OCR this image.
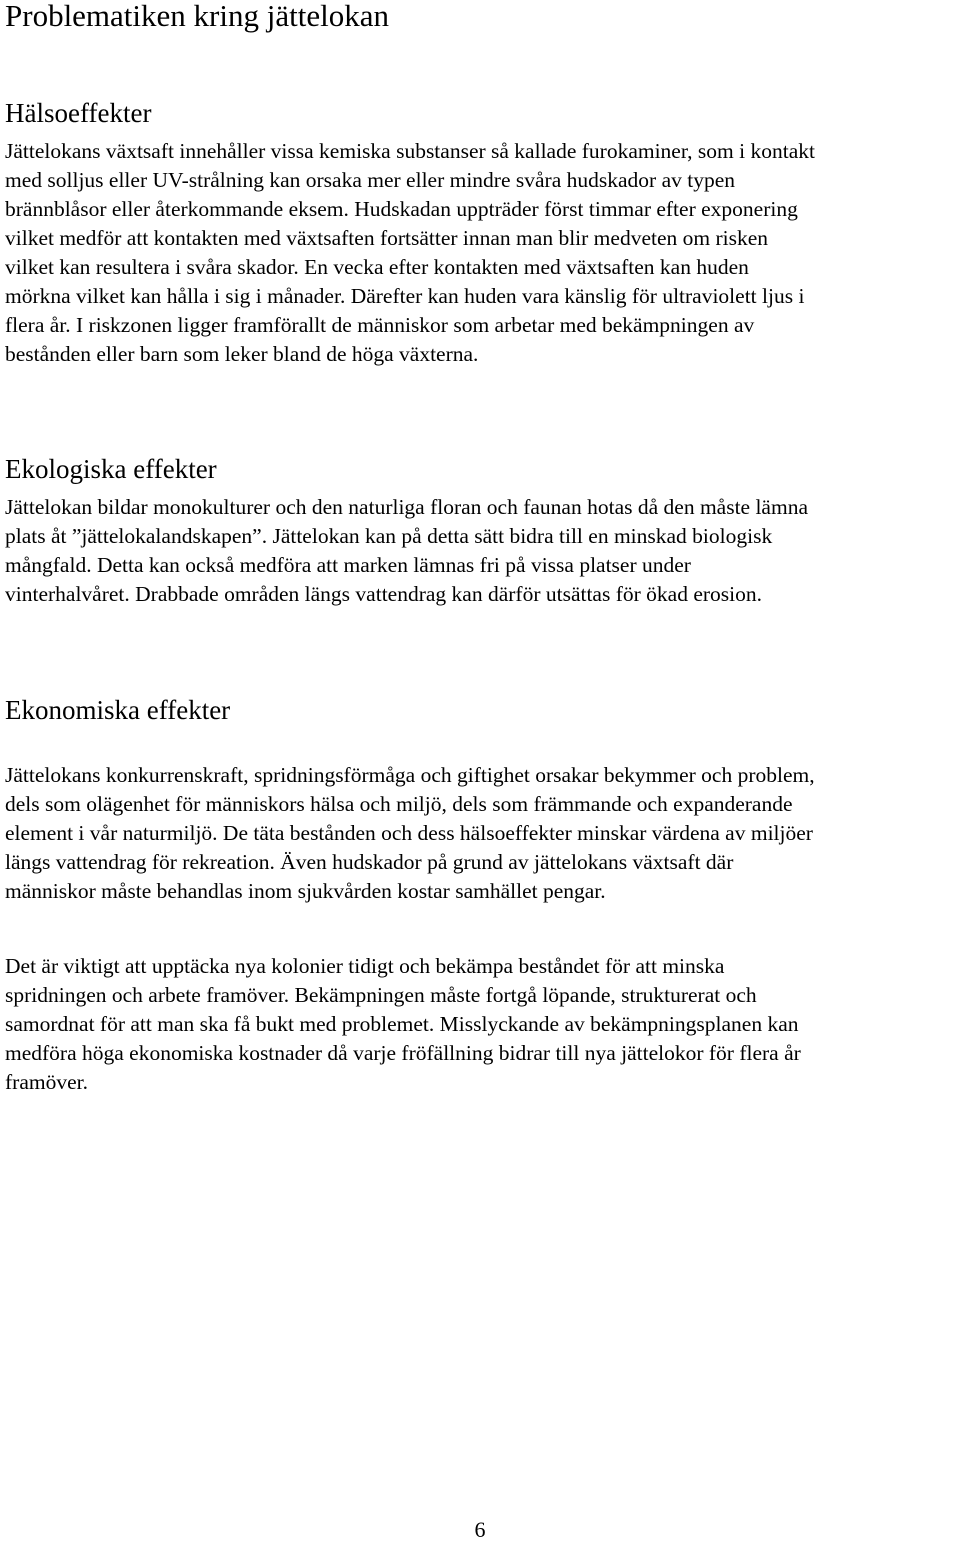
Problematiken kring jättelokan
Hälsoeffekter
Jättelokans växtsaft innehåller vissa kemiska substanser så kallade furokaminer, som i kontakt
med solljus eller UV-strålning kan orsaka mer eller mindre svåra hudskador av typen
brännblåsor eller återkommande eksem. Hudskadan uppträder först timmar efter exponering
vilket medför att kontakten med växtsaften fortsätter innan man blir medveten om risken
vilket kan resultera i svåra skador. En vecka efter kontakten med växtsaften kan huden
mörkna vilket kan hålla i sig i månader. Därefter kan huden vara känslig för ultraviolett ljus i
flera år. I riskzonen ligger framförallt de människor som arbetar med bekämpningen av
bestånden eller barn som leker bland de höga växterna.
Ekologiska effekter
Jättelokan bildar monokulturer och den naturliga floran och faunan hotas då den måste lämna
plats åt ”jättelokalandskapen”. Jättelokan kan på detta sätt bidra till en minskad biologisk
mångfald. Detta kan också medföra att marken lämnas fri på vissa platser under
vinterhalvåret. Drabbade områden längs vattendrag kan därför utsättas för ökad erosion.
Ekonomiska effekter
Jättelokans konkurrenskraft, spridningsförmåga och giftighet orsakar bekymmer och problem,
dels som olägenhet för människors hälsa och miljö, dels som främmande och expanderande
element i vår naturmiljö. De täta bestånden och dess hälsoeffekter minskar värdena av miljöer
längs vattendrag för rekreation. Även hudskador på grund av jättelokans växtsaft där
människor måste behandlas inom sjukvården kostar samhället pengar.
Det är viktigt att upptäcka nya kolonier tidigt och bekämpa beståndet för att minska
spridningen och arbete framöver. Bekämpningen måste fortgå löpande, strukturerat och
samordnat för att man ska få bukt med problemet. Misslyckande av bekämpningsplanen kan
medföra höga ekonomiska kostnader då varje fröfällning bidrar till nya jättelokor för flera år
framöver.
6
